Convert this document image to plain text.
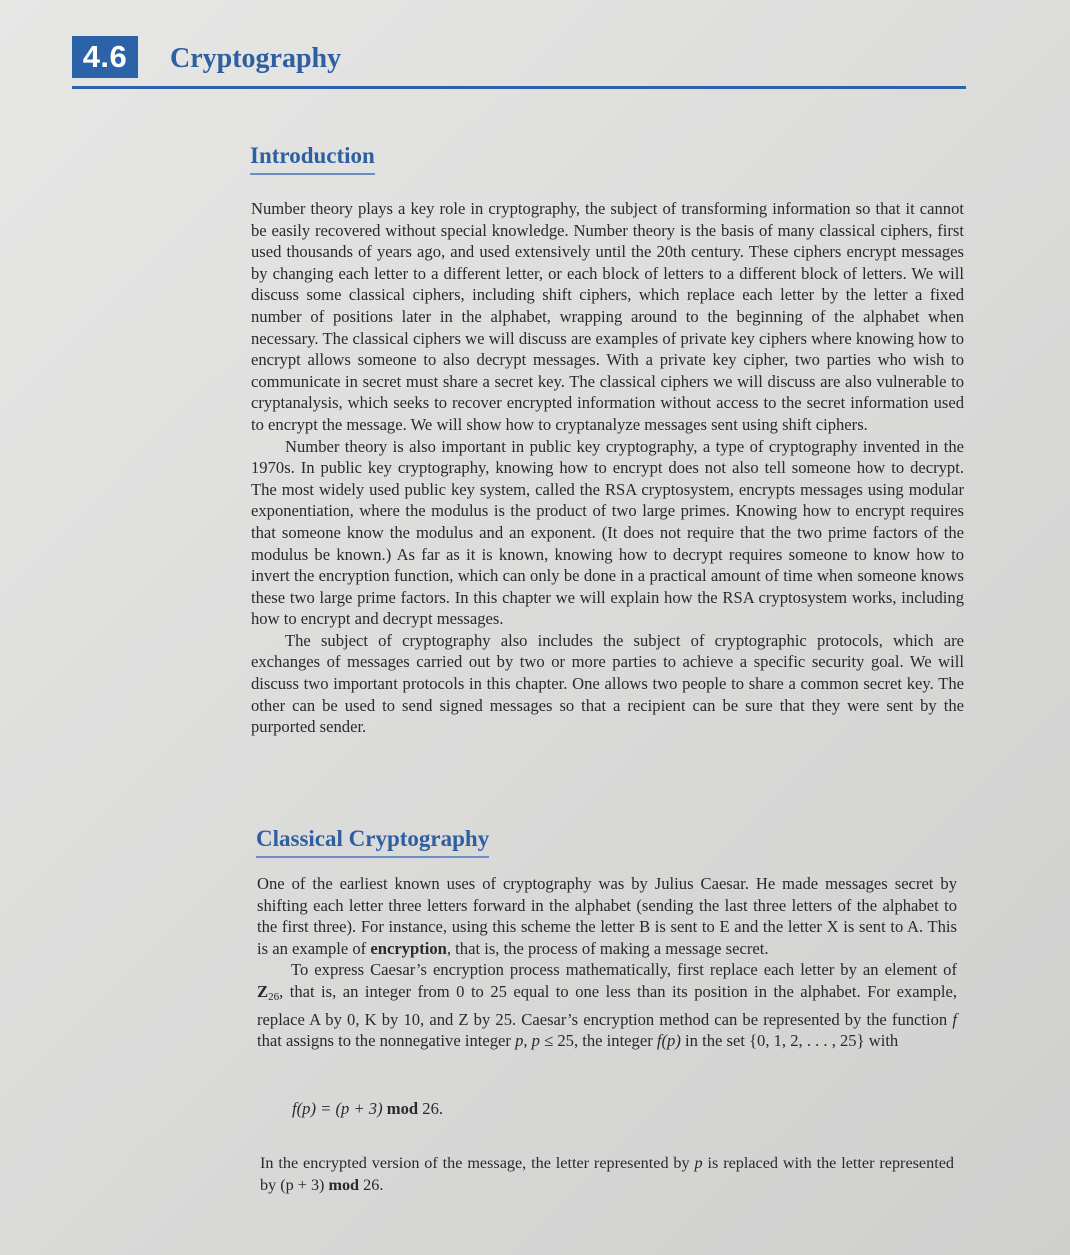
4.6	Cryptography
Introduction

Number theory plays a key role in cryptography, the subject of transforming information so that it cannot be easily recovered without special knowledge. Number theory is the basis of many classical ciphers, first used thousands of years ago, and used extensively until the 20th century. These ciphers encrypt messages by changing each letter to a different letter, or each block of letters to a different block of letters. We will discuss some classical ciphers, including shift ciphers, which replace each letter by the letter a fixed number of positions later in the alphabet, wrapping around to the beginning of the alphabet when necessary. The classical ciphers we will discuss are examples of private key ciphers where knowing how to encrypt allows someone to also decrypt messages. With a private key cipher, two parties who wish to communicate in secret must share a secret key. The classical ciphers we will discuss are also vulnerable to cryptanalysis, which seeks to recover encrypted information without access to the secret information used to encrypt the message. We will show how to cryptanalyze messages sent using shift ciphers.

Number theory is also important in public key cryptography, a type of cryptography invented in the 1970s. In public key cryptography, knowing how to encrypt does not also tell someone how to decrypt. The most widely used public key system, called the RSA cryptosystem, encrypts messages using modular exponentiation, where the modulus is the product of two large primes. Knowing how to encrypt requires that someone know the modulus and an exponent. (It does not require that the two prime factors of the modulus be known.) As far as it is known, knowing how to decrypt requires someone to know how to invert the encryption function, which can only be done in a practical amount of time when someone knows these two large prime factors. In this chapter we will explain how the RSA cryptosystem works, including how to encrypt and decrypt messages.

The subject of cryptography also includes the subject of cryptographic protocols, which are exchanges of messages carried out by two or more parties to achieve a specific security goal. We will discuss two important protocols in this chapter. One allows two people to share a common secret key. The other can be used to send signed messages so that a recipient can be sure that they were sent by the purported sender.

Classical Cryptography

One of the earliest known uses of cryptography was by Julius Caesar. He made messages secret by shifting each letter three letters forward in the alphabet (sending the last three letters of the alphabet to the first three). For instance, using this scheme the letter B is sent to E and the letter X is sent to A. This is an example of encryption, that is, the process of making a message secret.

To express Caesar’s encryption process mathematically, first replace each letter by an element of $Z_{26}$, that is, an integer from 0 to 25 equal to one less than its position in the alphabet. For example, replace A by 0, K by 10, and Z by 25. Caesar’s encryption method can be represented by the function f that assigns to the nonnegative integer p, p ≤ 25, the integer f(p) in the set {0, 1, 2, . . . , 25} with

f(p) = (p + 3) mod 26.
In the encrypted version of the message, the letter represented by p is replaced with the letter represented by (p + 3) mod 26.
